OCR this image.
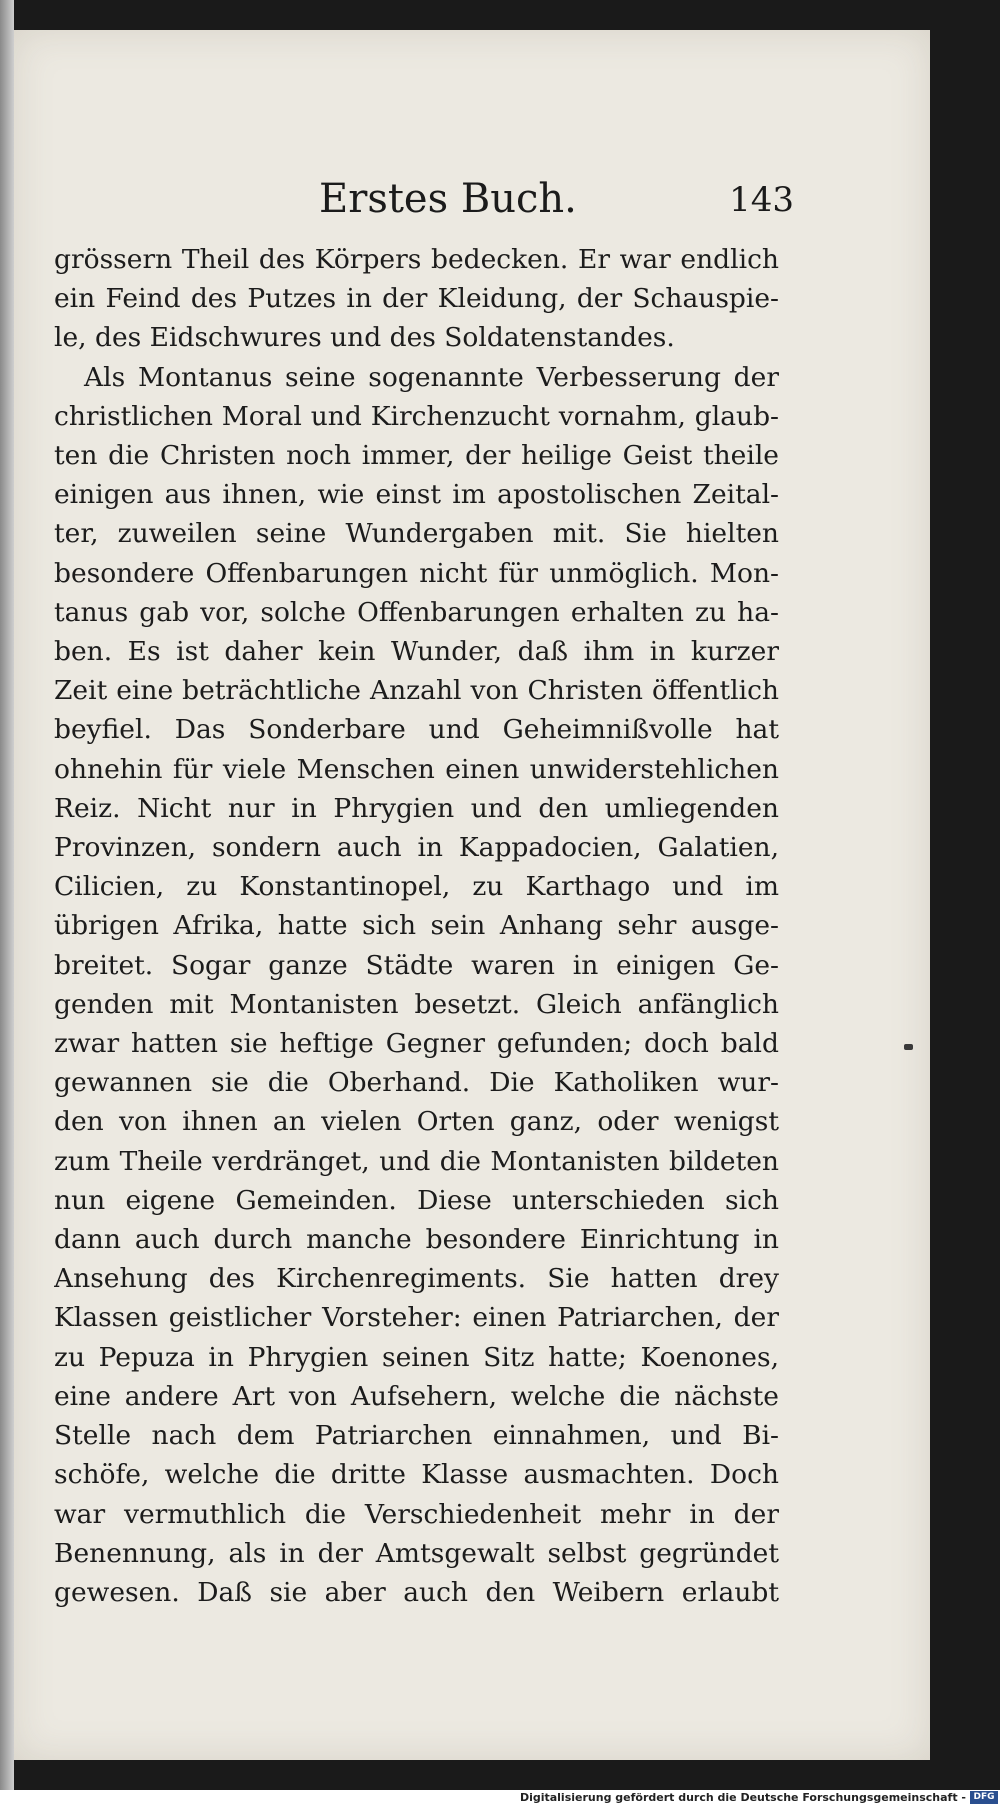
Erstes Buch.	143
grössern Theil des Körpers bedecken. Er war endlich
ein Feind des Putzes in der Kleidung, der Schauspie-
le, des Eidschwures und des Soldatenstandes.
Als Montanus seine sogenannte Verbesserung der
christlichen Moral und Kirchenzucht vornahm, glaub-
ten die Christen noch immer, der heilige Geist theile
einigen aus ihnen, wie einst im apostolischen Zeital-
ter, zuweilen seine Wundergaben mit. Sie hielten
besondere Offenbarungen nicht für unmöglich. Mon-
tanus gab vor, solche Offenbarungen erhalten zu ha-
ben. Es ist daher kein Wunder, daß ihm in kurzer
Zeit eine beträchtliche Anzahl von Christen öffentlich
beyfiel. Das Sonderbare und Geheimnißvolle hat
ohnehin für viele Menschen einen unwiderstehlichen
Reiz. Nicht nur in Phrygien und den umliegenden
Provinzen, sondern auch in Kappadocien, Galatien,
Cilicien, zu Konstantinopel, zu Karthago und im
übrigen Afrika, hatte sich sein Anhang sehr ausge-
breitet. Sogar ganze Städte waren in einigen Ge-
genden mit Montanisten besetzt. Gleich anfänglich
zwar hatten sie heftige Gegner gefunden; doch bald
gewannen sie die Oberhand. Die Katholiken wur-
den von ihnen an vielen Orten ganz, oder wenigst
zum Theile verdränget, und die Montanisten bildeten
nun eigene Gemeinden. Diese unterschieden sich
dann auch durch manche besondere Einrichtung in
Ansehung des Kirchenregiments. Sie hatten drey
Klassen geistlicher Vorsteher: einen Patriarchen, der
zu Pepuza in Phrygien seinen Sitz hatte; Koenones,
eine andere Art von Aufsehern, welche die nächste
Stelle nach dem Patriarchen einnahmen, und Bi-
schöfe, welche die dritte Klasse ausmachten. Doch
war vermuthlich die Verschiedenheit mehr in der
Benennung, als in der Amtsgewalt selbst gegründet
gewesen. Daß sie aber auch den Weibern erlaubt
Digitalisierung gefördert durch die Deutsche Forschungsgemeinschaft - DFG
